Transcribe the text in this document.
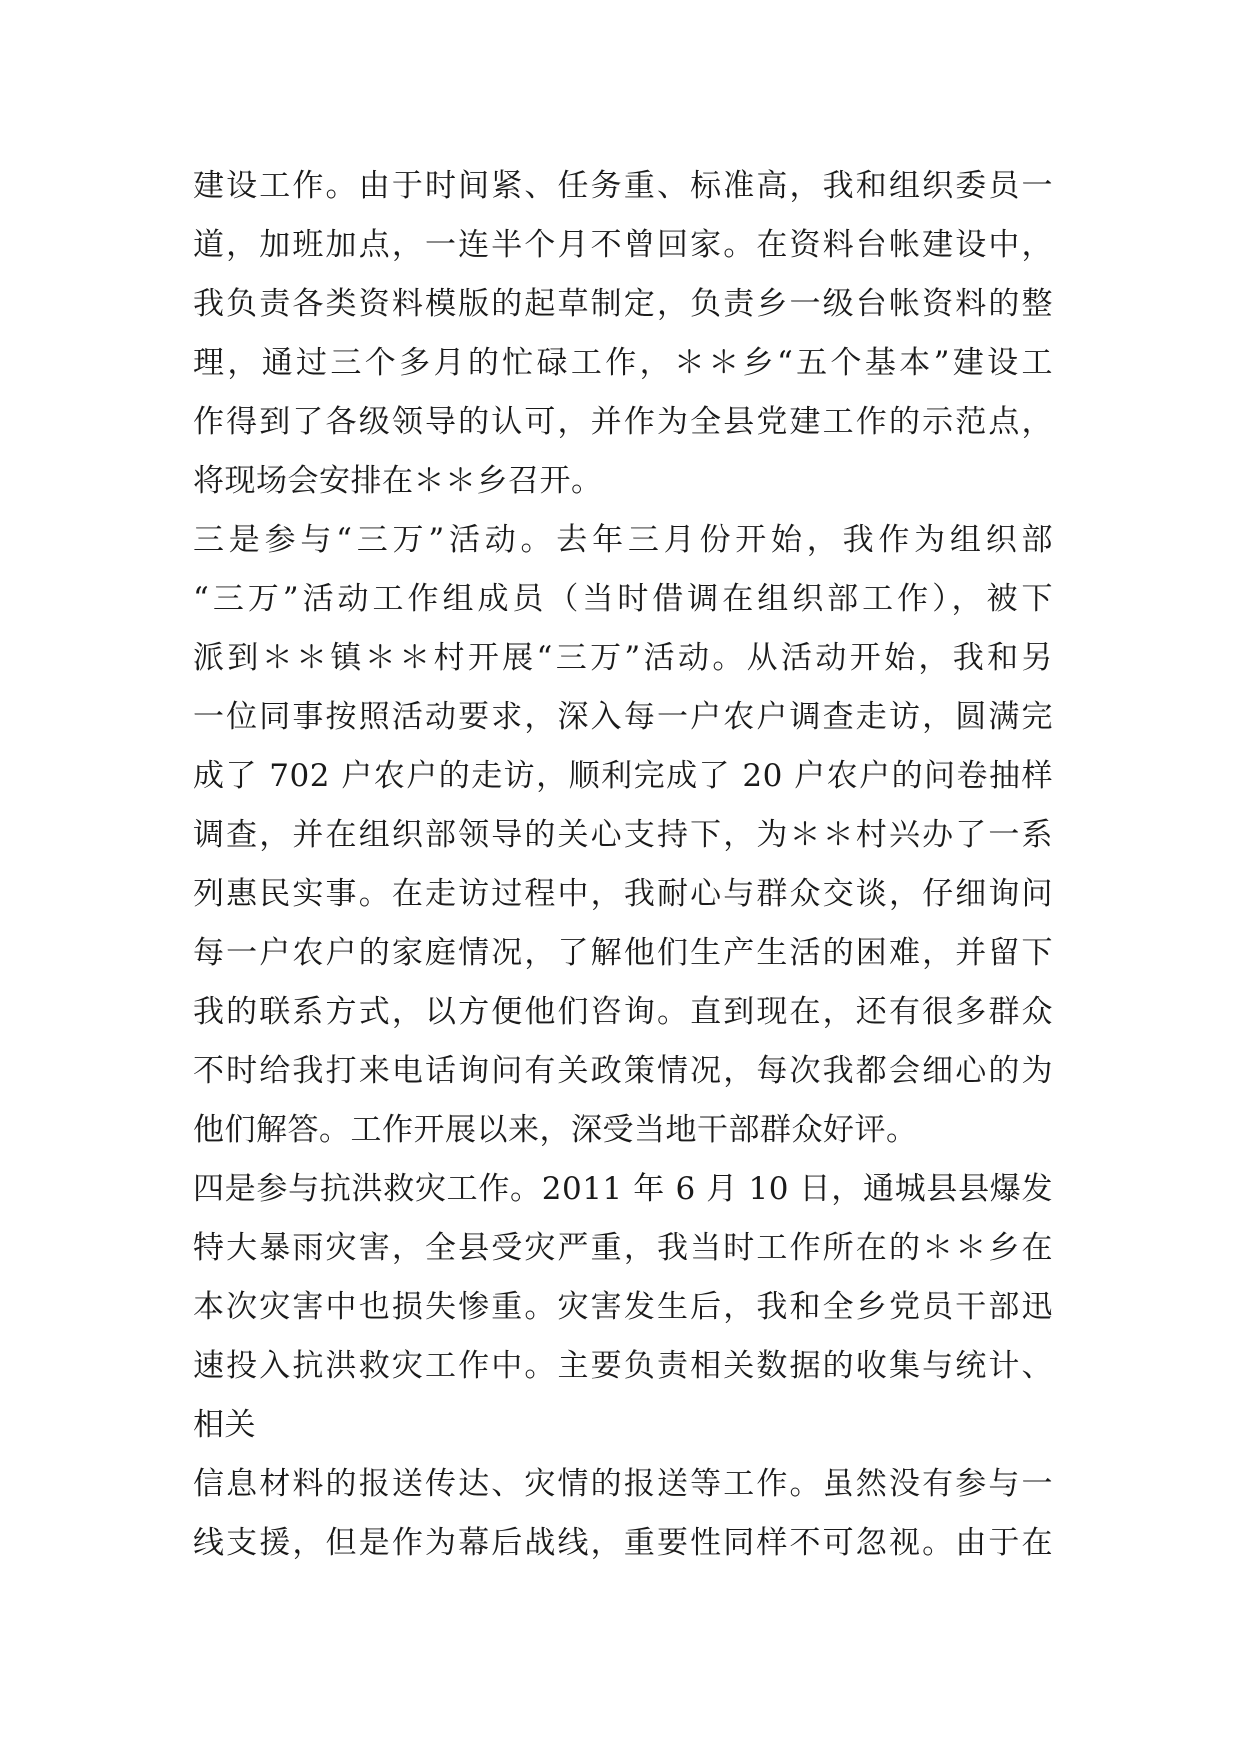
建设工作。由于时间紧、任务重、标准高，我和组织委员一
道，加班加点，一连半个月不曾回家。在资料台帐建设中，
我负责各类资料模版的起草制定，负责乡一级台帐资料的整
理，通过三个多月的忙碌工作，＊＊乡“五个基本”建设工
作得到了各级领导的认可，并作为全县党建工作的示范点，
将现场会安排在＊＊乡召开。
三是参与“三万”活动。去年三月份开始，我作为组织部
“三万”活动工作组成员（当时借调在组织部工作），被下
派到＊＊镇＊＊村开展“三万”活动。从活动开始，我和另
一位同事按照活动要求，深入每一户农户调查走访，圆满完
成了 702 户农户的走访，顺利完成了 20 户农户的问卷抽样
调查，并在组织部领导的关心支持下，为＊＊村兴办了一系
列惠民实事。在走访过程中，我耐心与群众交谈，仔细询问
每一户农户的家庭情况，了解他们生产生活的困难，并留下
我的联系方式，以方便他们咨询。直到现在，还有很多群众
不时给我打来电话询问有关政策情况，每次我都会细心的为
他们解答。工作开展以来，深受当地干部群众好评。
四是参与抗洪救灾工作。2011 年 6 月 10 日，通城县县爆发
特大暴雨灾害，全县受灾严重，我当时工作所在的＊＊乡在
本次灾害中也损失惨重。灾害发生后，我和全乡党员干部迅
速投入抗洪救灾工作中。主要负责相关数据的收集与统计、
相关
信息材料的报送传达、灾情的报送等工作。虽然没有参与一
线支援，但是作为幕后战线，重要性同样不可忽视。由于在
